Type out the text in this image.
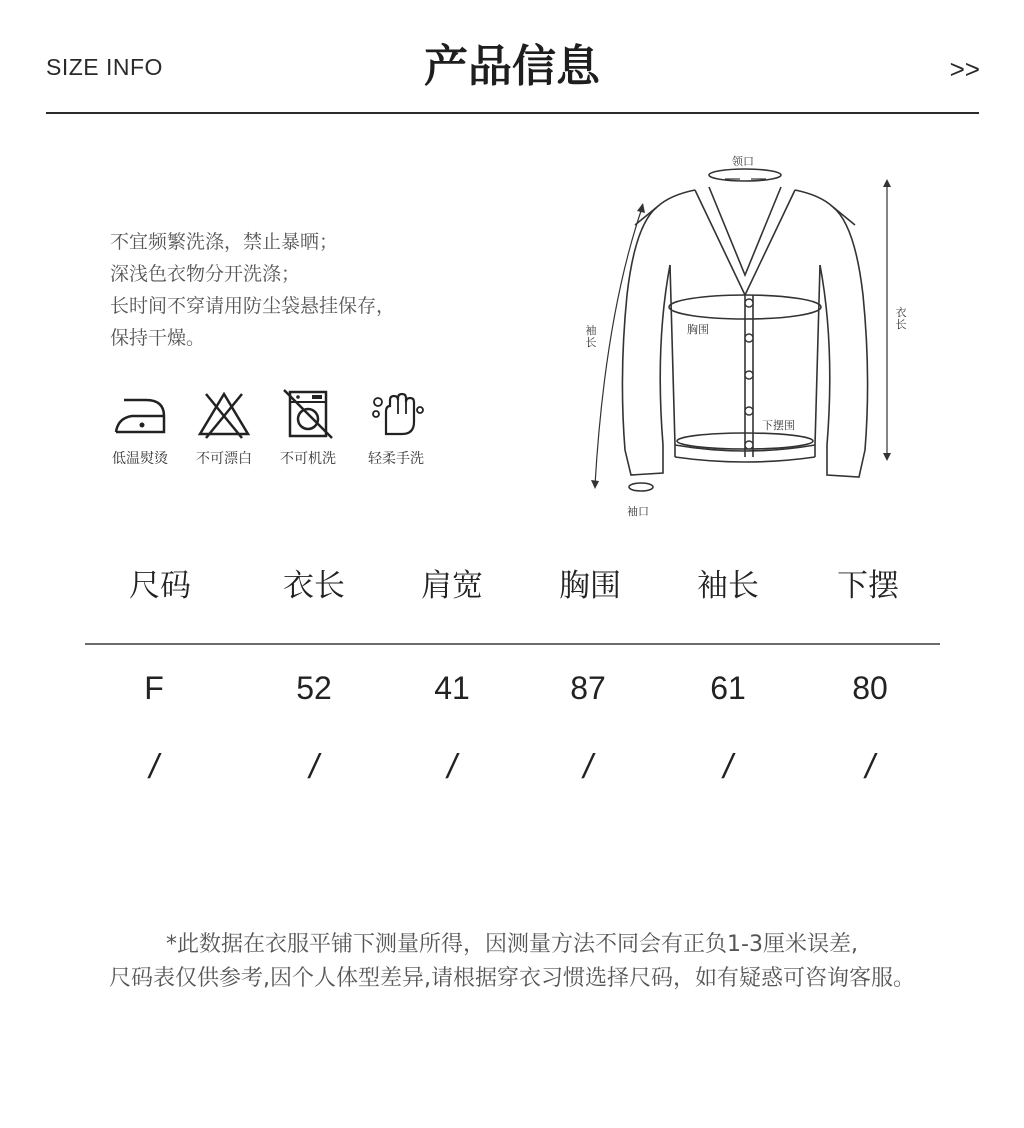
SIZE INFO	产品信息	>>
不宜频繁洗涤，禁止暴晒；
深浅色衣物分开洗涤；
长时间不穿请用防尘袋悬挂保存，
保持干燥。
低温熨烫	不可漂白	不可机洗	轻柔手洗
领口
胸围
衣长
袖长
下摆围
袖口
尺码	衣长	肩宽	胸围	袖长	下摆
F	52	41	87	61	80
/	/	/	/	/	/
*此数据在衣服平铺下测量所得，因测量方法不同会有正负1-3厘米误差,
尺码表仅供参考,因个人体型差异,请根据穿衣习惯选择尺码，如有疑惑可咨询客服。
